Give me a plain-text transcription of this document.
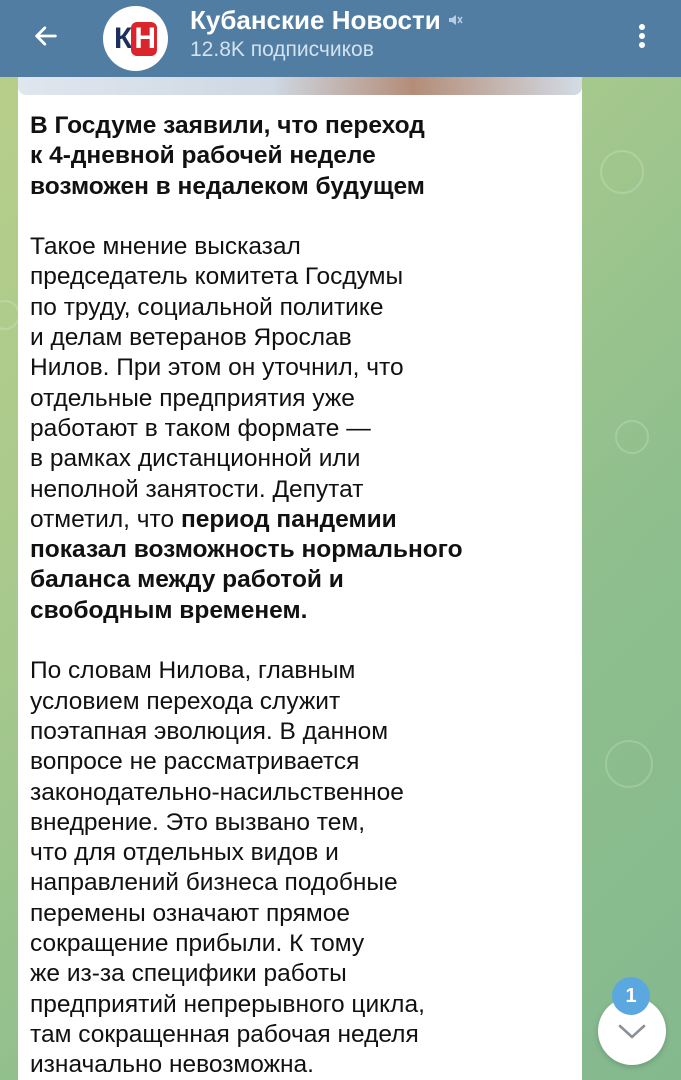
К Н
Кубанские Новости
12.8K подписчиков

В Госдуме заявили, что переход
к 4-дневной рабочей неделе
возможен в недалеком будущем

Такое мнение высказал
председатель комитета Госдумы
по труду, социальной политике
и делам ветеранов Ярослав
Нилов. При этом он уточнил, что
отдельные предприятия уже
работают в таком формате —
в рамках дистанционной или
неполной занятости. Депутат
отметил, что период пандемии
показал возможность нормального
баланса между работой и
свободным временем.

По словам Нилова, главным
условием перехода служит
поэтапная эволюция. В данном
вопросе не рассматривается
законодательно-насильственное
внедрение. Это вызвано тем,
что для отдельных видов и
направлений бизнеса подобные
перемены означают прямое
сокращение прибыли. К тому
же из-за специфики работы
предприятий непрерывного цикла,
там сокращенная рабочая неделя
изначально невозможна.

1
